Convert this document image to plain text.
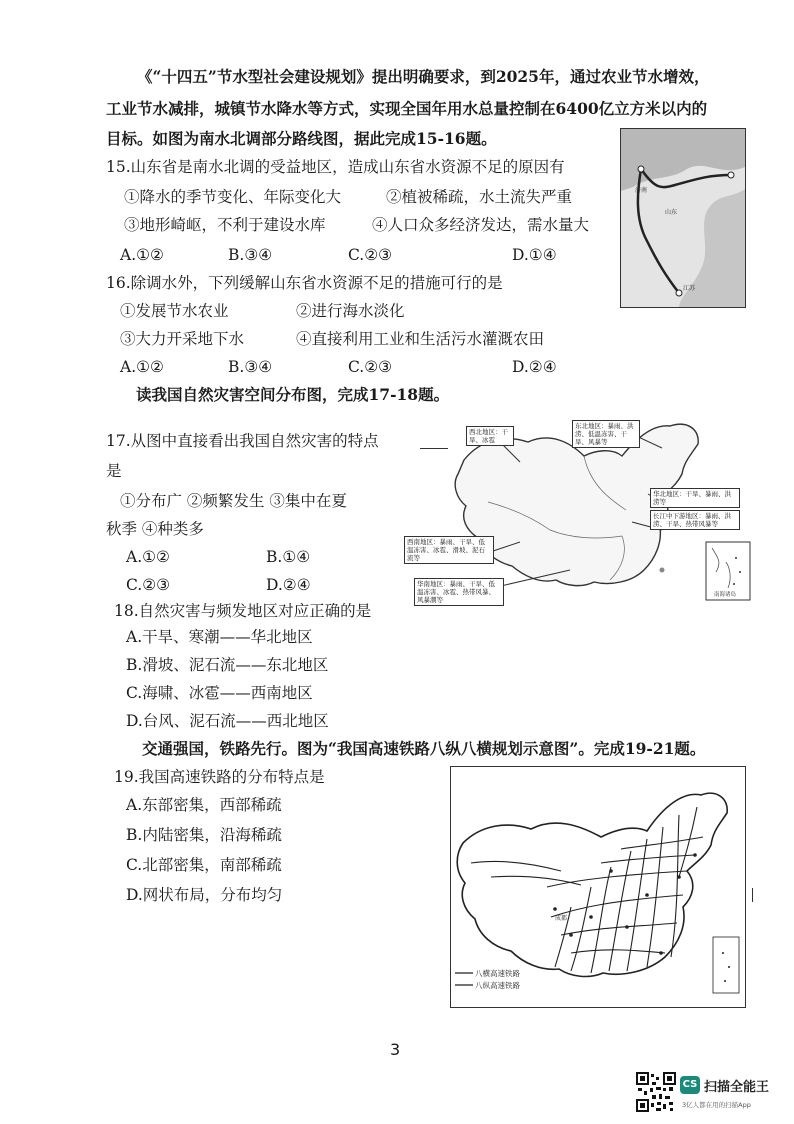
《“十四五”节水型社会建设规划》提出明确要求，到2025年，通过农业节水增效，
工业节水减排，城镇节水降水等方式，实现全国年用水总量控制在6400亿立方米以内的
目标。如图为南水北调部分路线图，据此完成15-16题。
15.山东省是南水北调的受益地区，造成山东省水资源不足的原因有
①降水的季节变化、年际变化大	②植被稀疏，水土流失严重
③地形崎岖，不利于建设水库	④人口众多经济发达，需水量大
A.①②	B.③④	C.②③	D.①④
山东
济南
江苏
16.除调水外，下列缓解山东省水资源不足的措施可行的是
①发展节水农业	②进行海水淡化
③大力开采地下水	④直接利用工业和生活污水灌溉农田
A.①②	B.③④	C.②③	D.②④
读我国自然灾害空间分布图，完成17-18题。
17.从图中直接看出我国自然灾害的特点
是
①分布广 ②频繁发生 ③集中在夏
秋季 ④种类多
A.①②	B.①④
C.②③	D.②④
西北地区：干旱、冰雹
东北地区：暴雨、洪涝、低温冻害、干旱、风暴等
华北地区：干旱、暴雨、洪涝等
长江中下游地区：暴雨、洪涝、干旱、热带风暴等
西南地区：暴雨、干旱、低温冻害、冰雹、滑坡、泥石流等
华南地区：暴雨、干旱、低温冻害、冰雹、热带风暴、风暴潮等
南海诸岛
18.自然灾害与频发地区对应正确的是
A.干旱、寒潮——华北地区
B.滑坡、泥石流——东北地区
C.海啸、冰雹——西南地区
D.台风、泥石流——西北地区
交通强国，铁路先行。图为“我国高速铁路八纵八横规划示意图”。完成19-21题。
19.我国高速铁路的分布特点是
A.东部密集，西部稀疏
B.内陆密集，沿海稀疏
C.北部密集，南部稀疏
D.网状布局，分布均匀
成都
八横高速铁路
八纵高速铁路
3
CS 扫描全能王
3亿人都在用的扫描App
